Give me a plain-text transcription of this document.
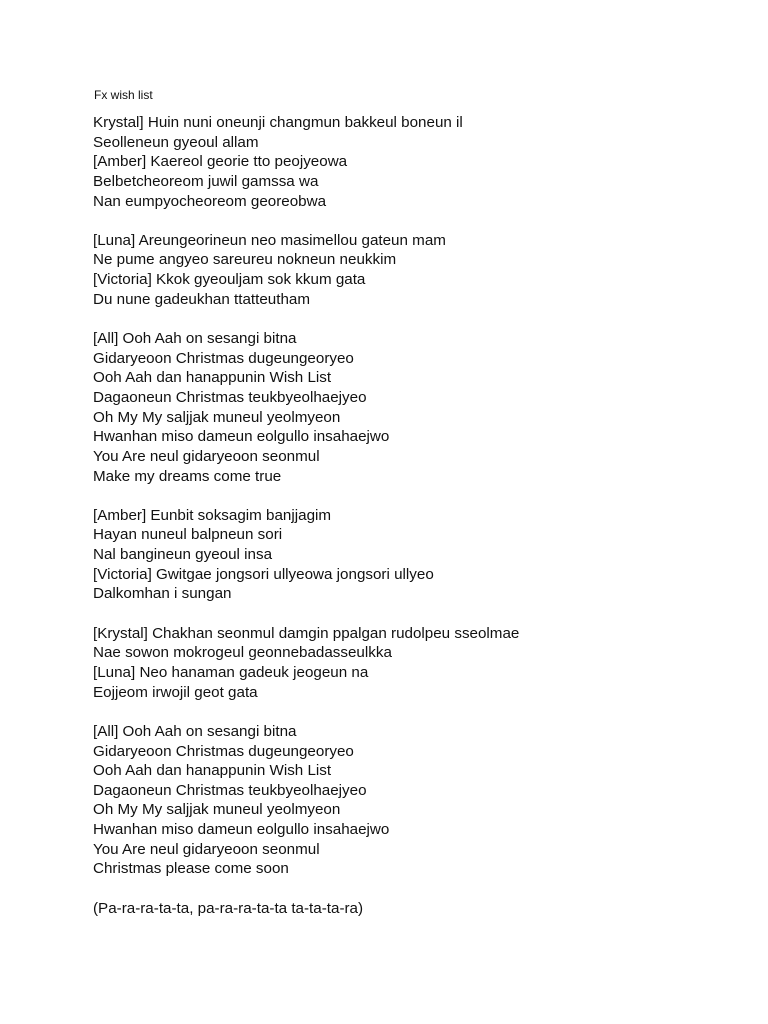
Fx wish list
Krystal] Huin nuni oneunji changmun bakkeul boneun il
Seolleneun gyeoul allam
[Amber] Kaereol georie tto peojyeowa
Belbetcheoreom juwil gamssa wa
Nan eumpyocheoreom georeobwa
[Luna] Areungeorineun neo masimellou gateun mam
Ne pume angyeo sareureu nokneun neukkim
[Victoria] Kkok gyeouljam sok kkum gata
Du nune gadeukhan ttatteutham
[All] Ooh Aah on sesangi bitna
Gidaryeoon Christmas dugeungeoryeo
Ooh Aah dan hanappunin Wish List
Dagaoneun Christmas teukbyeolhaejyeo
Oh My My saljjak muneul yeolmyeon
Hwanhan miso dameun eolgullo insahaejwo
You Are neul gidaryeoon seonmul
Make my dreams come true
[Amber] Eunbit soksagim banjjagim
Hayan nuneul balpneun sori
Nal bangineun gyeoul insa
[Victoria] Gwitgae jongsori ullyeowa jongsori ullyeo
Dalkomhan i sungan
[Krystal] Chakhan seonmul damgin ppalgan rudolpeu sseolmae
Nae sowon mokrogeul geonnebadasseulkka
[Luna] Neo hanaman gadeuk jeogeun na
Eojjeom irwojil geot gata
[All] Ooh Aah on sesangi bitna
Gidaryeoon Christmas dugeungeoryeo
Ooh Aah dan hanappunin Wish List
Dagaoneun Christmas teukbyeolhaejyeo
Oh My My saljjak muneul yeolmyeon
Hwanhan miso dameun eolgullo insahaejwo
You Are neul gidaryeoon seonmul
Christmas please come soon
(Pa-ra-ra-ta-ta, pa-ra-ra-ta-ta ta-ta-ta-ra)
